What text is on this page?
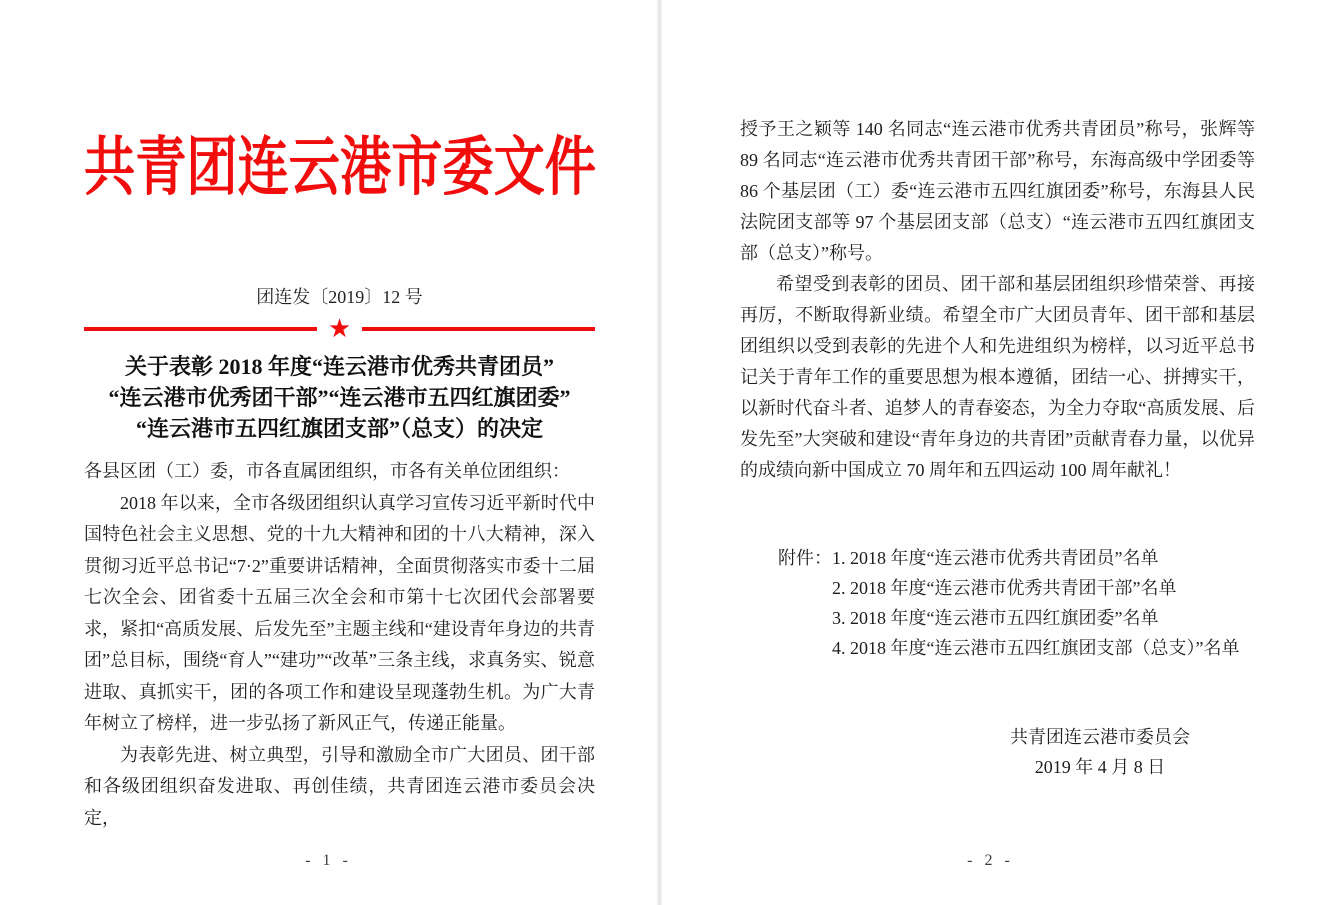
共青团连云港市委文件
团连发〔2019〕12 号
★
关于表彰 2018 年度“连云港市优秀共青团员”
“连云港市优秀团干部”“连云港市五四红旗团委”
“连云港市五四红旗团支部”（总支）的决定

各县区团（工）委，市各直属团组织，市各有关单位团组织：

2018 年以来，全市各级团组织认真学习宣传习近平新时代中国特色社会主义思想、党的十九大精神和团的十八大精神，深入贯彻习近平总书记“7·2”重要讲话精神，全面贯彻落实市委十二届七次全会、团省委十五届三次全会和市第十七次团代会部署要求，紧扣“高质发展、后发先至”主题主线和“建设青年身边的共青团”总目标，围绕“育人”“建功”“改革”三条主线，求真务实、锐意进取、真抓实干，团的各项工作和建设呈现蓬勃生机。为广大青年树立了榜样，进一步弘扬了新风正气，传递正能量。

为表彰先进、树立典型，引导和激励全市广大团员、团干部和各级团组织奋发进取、再创佳绩，共青团连云港市委员会决定，

- 1 -

授予王之颖等 140 名同志“连云港市优秀共青团员”称号，张辉等 89 名同志“连云港市优秀共青团干部”称号，东海高级中学团委等 86 个基层团（工）委“连云港市五四红旗团委”称号，东海县人民法院团支部等 97 个基层团支部（总支）“连云港市五四红旗团支部（总支）”称号。

希望受到表彰的团员、团干部和基层团组织珍惜荣誉、再接再厉，不断取得新业绩。希望全市广大团员青年、团干部和基层团组织以受到表彰的先进个人和先进组织为榜样，以习近平总书记关于青年工作的重要思想为根本遵循，团结一心、拼搏实干，以新时代奋斗者、追梦人的青春姿态，为全力夺取“高质发展、后发先至”大突破和建设“青年身边的共青团”贡献青春力量，以优异的成绩向新中国成立 70 周年和五四运动 100 周年献礼！

附件： 1. 2018 年度“连云港市优秀共青团员”名单
2. 2018 年度“连云港市优秀共青团干部”名单
3. 2018 年度“连云港市五四红旗团委”名单
4. 2018 年度“连云港市五四红旗团支部（总支）”名单
共青团连云港市委员会
2019 年 4 月 8 日
- 2 -
